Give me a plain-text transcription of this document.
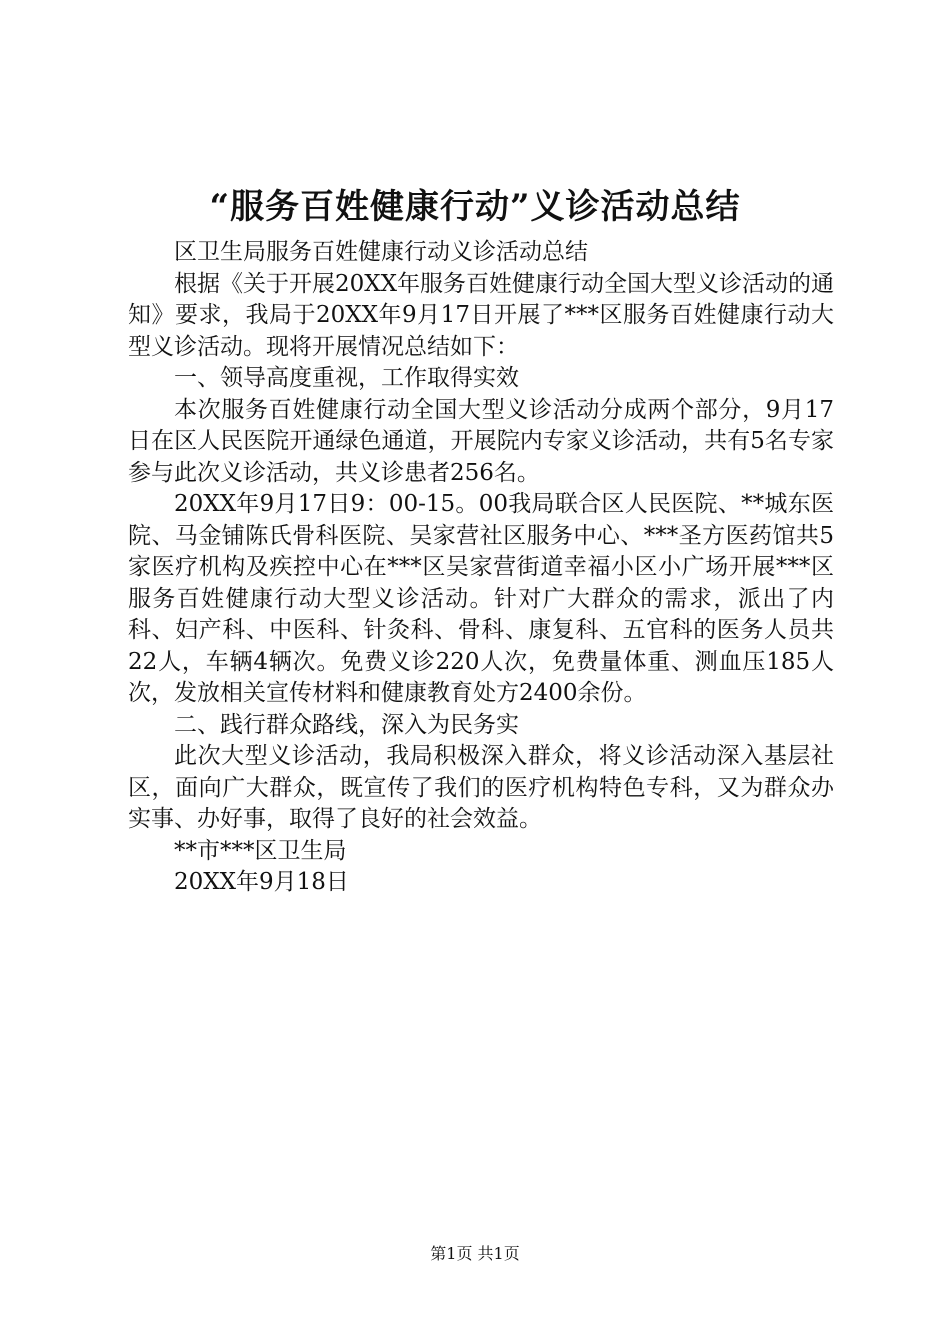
“服务百姓健康行动”义诊活动总结

区卫生局服务百姓健康行动义诊活动总结

根据《关于开展20XX年服务百姓健康行动全国大型义诊活动的通知》要求，我局于20XX年9月17日开展了***区服务百姓健康行动大型义诊活动。现将开展情况总结如下：

一、领导高度重视，工作取得实效

本次服务百姓健康行动全国大型义诊活动分成两个部分，9月17日在区人民医院开通绿色通道，开展院内专家义诊活动，共有5名专家参与此次义诊活动，共义诊患者256名。

20XX年9月17日9：00-15。00我局联合区人民医院、**城东医院、马金铺陈氏骨科医院、吴家营社区服务中心、***圣方医药馆共5家医疗机构及疾控中心在***区吴家营街道幸福小区小广场开展***区服务百姓健康行动大型义诊活动。针对广大群众的需求，派出了内科、妇产科、中医科、针灸科、骨科、康复科、五官科的医务人员共22人，车辆4辆次。免费义诊220人次，免费量体重、测血压185人次，发放相关宣传材料和健康教育处方2400余份。

二、践行群众路线，深入为民务实

此次大型义诊活动，我局积极深入群众，将义诊活动深入基层社区，面向广大群众，既宣传了我们的医疗机构特色专科，又为群众办实事、办好事，取得了良好的社会效益。

**市***区卫生局

20XX年9月18日

第1页 共1页
